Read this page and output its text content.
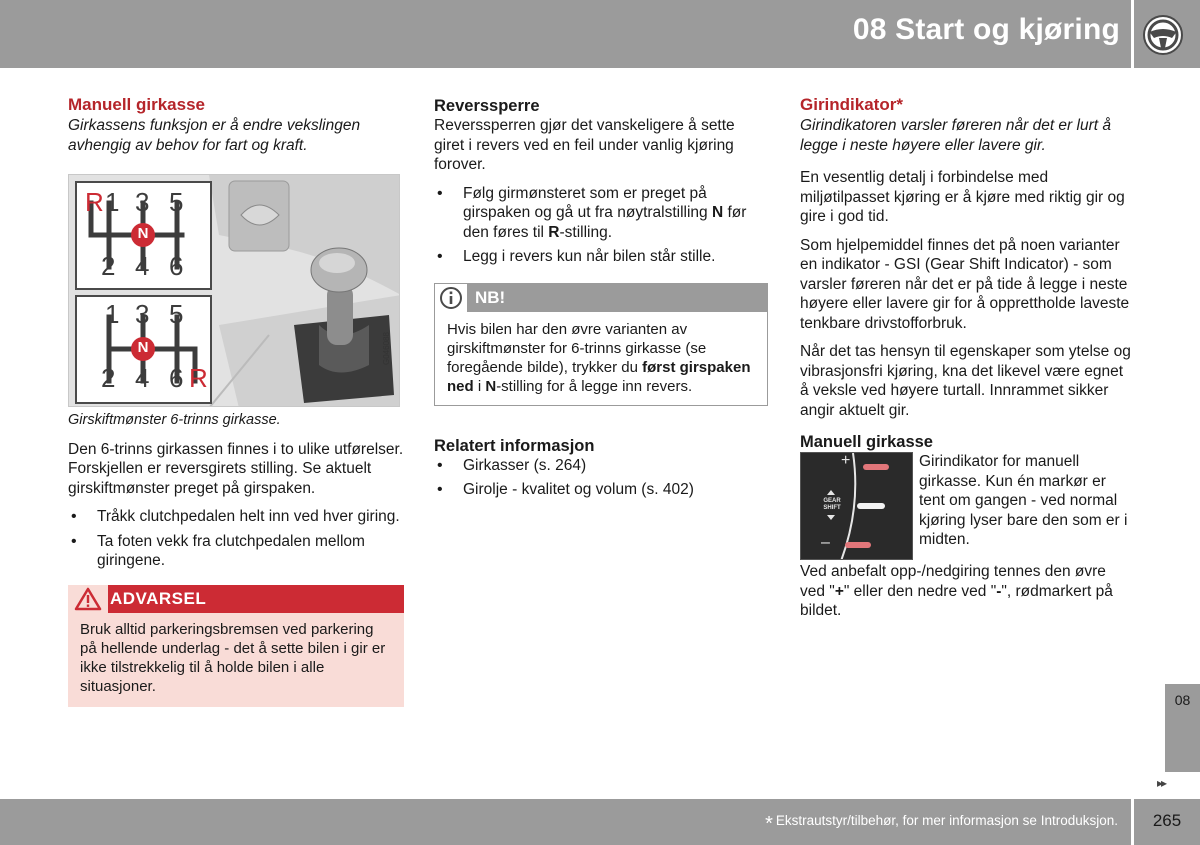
08 Start og kjøring
Manuell girkasse

Girkassens funksjon er å endre vekslingen avhengig av behov for fart og kraft.

R 1 3 5
N
2 4 6
1 3 5
N
2 4 6 R
G046088

Girskiftmønster 6-trinns girkasse.

Den 6-trinns girkassen finnes i to ulike utførelser. Forskjellen er reversgirets stilling. Se aktuelt girskiftmønster preget på girspaken.

• Tråkk clutchpedalen helt inn ved hver giring.
• Ta foten vekk fra clutchpedalen mellom giringene.
ADVARSEL
Bruk alltid parkeringsbremsen ved parkering på hellende underlag - det å sette bilen i gir er ikke tilstrekkelig til å holde bilen i alle situasjoner.
Reverssperre

Reverssperren gjør det vanskeligere å sette giret i revers ved en feil under vanlig kjøring forover.

• Følg girmønsteret som er preget på girspaken og gå ut fra nøytralstilling N før den føres til R-stilling.
• Legg i revers kun når bilen står stille.
NB!
Hvis bilen har den øvre varianten av girskiftmønster for 6-trinns girkasse (se foregående bilde), trykker du først girspaken ned i N-stilling for å legge inn revers.
Relatert informasjon
• Girkasser (s. 264)
• Girolje - kvalitet og volum (s. 402)
Girindikator*

Girindikatoren varsler føreren når det er lurt å legge i neste høyere eller lavere gir.

En vesentlig detalj i forbindelse med miljøtilpasset kjøring er å kjøre med riktig gir og gire i god tid.

Som hjelpemiddel finnes det på noen varianter en indikator - GSI (Gear Shift Indicator) - som varsler føreren når det er på tide å legge i neste høyere eller lavere gir for å opprettholde laveste tenkbare drivstofforbruk.

Når det tas hensyn til egenskaper som ytelse og vibrasjonsfri kjøring, kna det likevel være egnet å veksle ved høyere turtall. Innrammet sikker angir aktuelt gir.

Manuell girkasse
+
–
GEAR
SHIFT

Girindikator for manuell girkasse. Kun én markør er tent om gangen - ved normal kjøring lyser bare den som er i midten.

Ved anbefalt opp-/nedgiring tennes den øvre ved "+" eller den nedre ved "-", rødmarkert på bildet.

08
▸▸
* Ekstrautstyr/tilbehør, for mer informasjon se Introduksjon.	265
